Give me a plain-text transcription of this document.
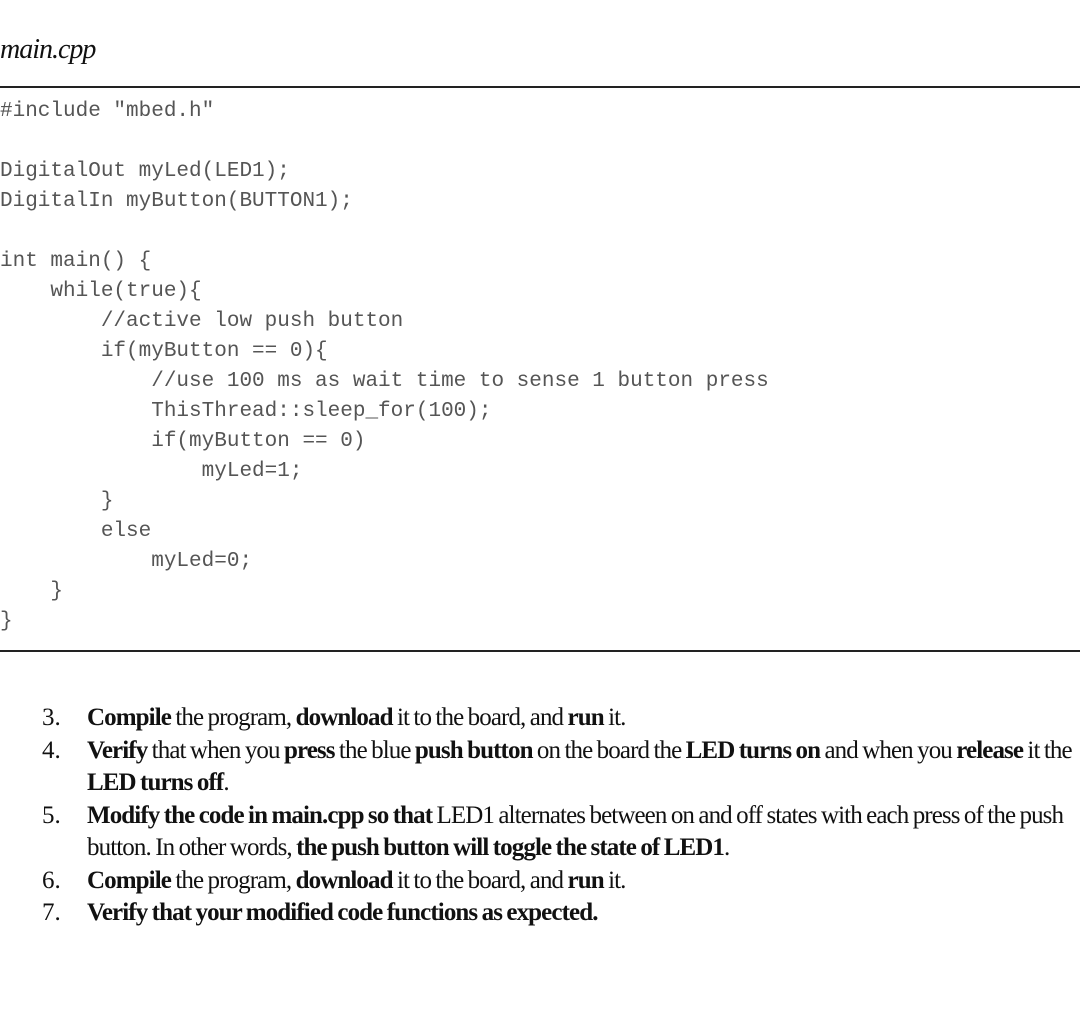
main.cpp
#include "mbed.h"
DigitalOut myLed(LED1);
DigitalIn myButton(BUTTON1);
int main() {
while(true){
//active low push button
if(myButton == 0){
//use 100 ms as wait time to sense 1 button press
ThisThread::sleep_for(100);
if(myButton == 0)
myLed=1;
}
else
myLed=0;
}
}
3. Compile the program, download it to the board, and run it.
4. Verify that when you press the blue push button on the board the LED turns on and when you release it the LED turns off.
5. Modify the code in main.cpp so that LED1 alternates between on and off states with each press of the push button. In other words, the push button will toggle the state of LED1.
6. Compile the program, download it to the board, and run it.
7. Verify that your modified code functions as expected.
